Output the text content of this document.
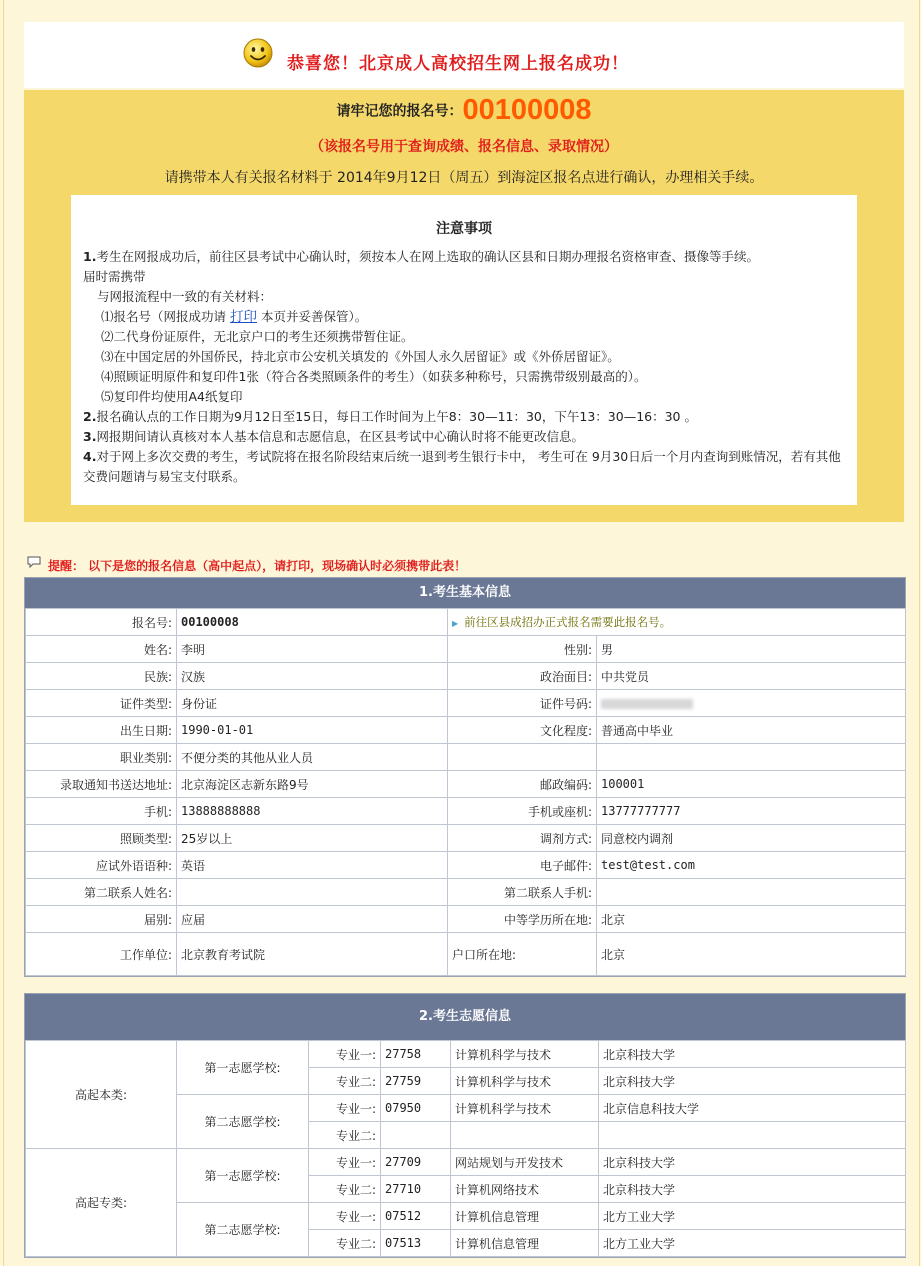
恭喜您！北京成人高校招生网上报名成功！
请牢记您的报名号：00100008
（该报名号用于查询成绩、报名信息、录取情况）
请携带本人有关报名材料于 2014年9月12日（周五）到海淀区报名点进行确认，办理相关手续。
注意事项

1.考生在网报成功后，前往区县考试中心确认时，须按本人在网上选取的确认区县和日期办理报名资格审查、摄像等手续。

届时需携带

与网报流程中一致的有关材料：

⑴报名号（网报成功请 打印 本页并妥善保管）。

⑵二代身份证原件，无北京户口的考生还须携带暂住证。

⑶在中国定居的外国侨民，持北京市公安机关填发的《外国人永久居留证》或《外侨居留证》。

⑷照顾证明原件和复印件1张（符合各类照顾条件的考生）（如获多种称号，只需携带级别最高的）。

⑸复印件均使用A4纸复印

2.报名确认点的工作日期为9月12日至15日，每日工作时间为上午8：30—11：30，下午13：30—16：30 。

3.网报期间请认真核对本人基本信息和志愿信息，在区县考试中心确认时将不能更改信息。

4.对于网上多次交费的考生，考试院将在报名阶段结束后统一退到考生银行卡中， 考生可在 9月30日后一个月内查询到账情况，若有其他交费问题请与易宝支付联系。

提醒： 以下是您的报名信息（高中起点），请打印，现场确认时必须携带此表！
1.考生基本信息
报名号:	00100008	▶ 前往区县成招办正式报名需要此报名号。	
姓名:	李明	性别:	男
民族:	汉族	政治面目:	中共党员
证件类型:	身份证	证件号码:	
出生日期:	1990-01-01	文化程度:	普通高中毕业
职业类别:	不便分类的其他从业人员		
录取通知书送达地址:	北京海淀区志新东路9号	邮政编码:	100001
手机:	13888888888	手机或座机:	13777777777
照顾类型:	25岁以上	调剂方式:	同意校内调剂
应试外语语种:	英语	电子邮件:	test@test.com
第二联系人姓名:		第二联系人手机:	
届别:	应届	中等学历所在地:	北京
工作单位:	北京教育考试院	户口所在地:	北京
2.考生志愿信息
高起本类:	第一志愿学校:	专业一:	27758	计算机科学与技术	北京科技大学
		专业二:	27759	计算机科学与技术	北京科技大学
	第二志愿学校:	专业一:	07950	计算机科学与技术	北京信息科技大学
		专业二:			
高起专类:	第一志愿学校:	专业一:	27709	网站规划与开发技术	北京科技大学
		专业二:	27710	计算机网络技术	北京科技大学
	第二志愿学校:	专业一:	07512	计算机信息管理	北方工业大学
		专业二:	07513	计算机信息管理	北方工业大学
